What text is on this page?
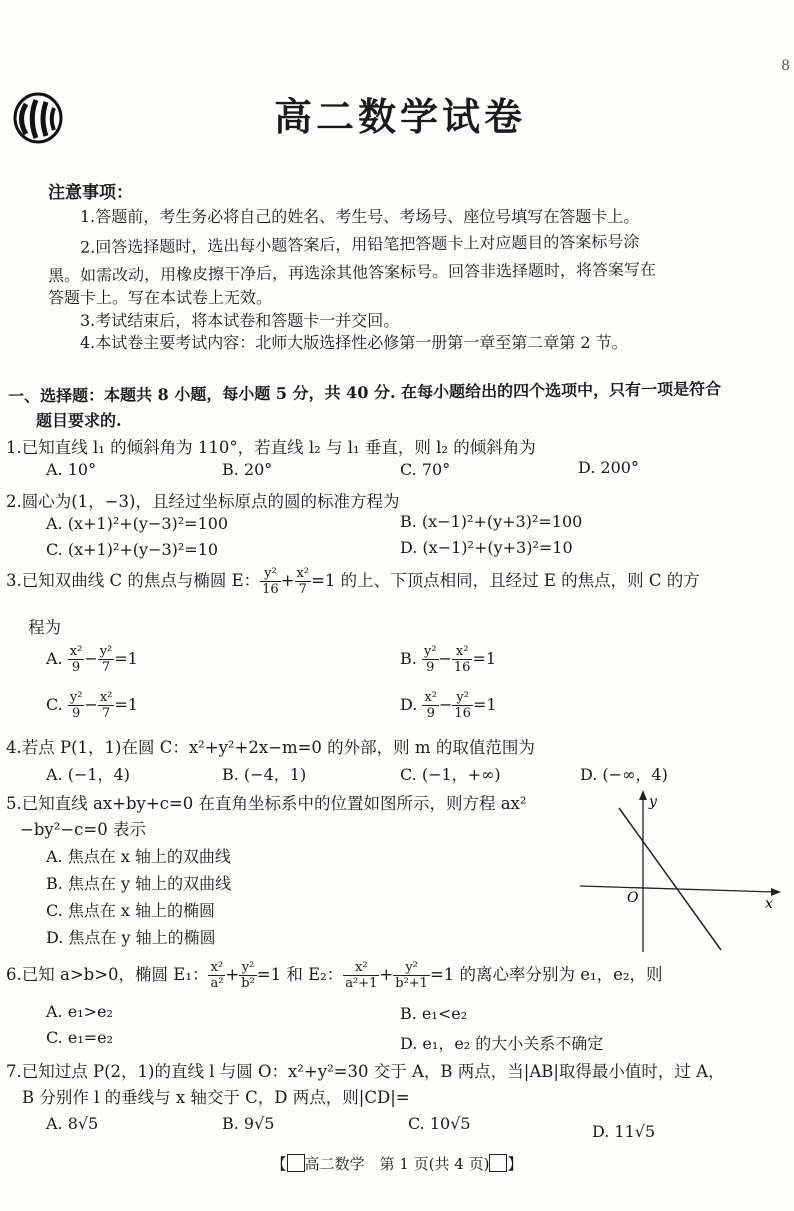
8
高二数学试卷
注意事项：
1.答题前，考生务必将自己的姓名、考生号、考场号、座位号填写在答题卡上。
2.回答选择题时，选出每小题答案后，用铅笔把答题卡上对应题目的答案标号涂
黑。如需改动，用橡皮擦干净后，再选涂其他答案标号。回答非选择题时，将答案写在
答题卡上。写在本试卷上无效。
3.考试结束后，将本试卷和答题卡一并交回。
4.本试卷主要考试内容：北师大版选择性必修第一册第一章至第二章第 2 节。
一、选择题：本题共 8 小题，每小题 5 分，共 40 分. 在每小题给出的四个选项中，只有一项是符合
题目要求的.
1.已知直线 l₁ 的倾斜角为 110°，若直线 l₂ 与 l₁ 垂直，则 l₂ 的倾斜角为
A. 10°	B. 20°	C. 70°	D. 200°
2.圆心为(1，−3)，且经过坐标原点的圆的标准方程为
A. (x+1)²+(y−3)²=100	B. (x−1)²+(y+3)²=100
C. (x+1)²+(y−3)²=10	D. (x−1)²+(y+3)²=10
3.已知双曲线 C 的焦点与椭圆 E： $\frac{\text{y²}}{16} + \frac{\text{x²}}{7} =1$ 的上、下顶点相同，且经过 E 的焦点，则 C 的方
程为
A. $\frac{\text{x²}}{9} - \frac{\text{y²}}{7} =1$	B. $\frac{\text{y²}}{9} - \frac{\text{x²}}{16} =1$
C. $\frac{\text{y²}}{9} - \frac{\text{x²}}{7} =1$	D. $\frac{\text{x²}}{9} - \frac{\text{y²}}{16} =1$
4.若点 P(1，1)在圆 C：x²+y²+2x−m=0 的外部，则 m 的取值范围为
A. (−1，4)	B. (−4，1)	C. (−1，+∞)	D. (−∞，4)
5.已知直线 ax+by+c=0 在直角坐标系中的位置如图所示，则方程 ax²
−by²−c=0 表示
A. 焦点在 x 轴上的双曲线
B. 焦点在 y 轴上的双曲线
C. 焦点在 x 轴上的椭圆
D. 焦点在 y 轴上的椭圆
y
x
O
6.已知 a>b>0，椭圆 E₁： $\frac{\text{x²}}{\text{a²}} + \frac{\text{y²}}{\text{b²}} =1$ 和 E₂： $\frac{\text{x²}}{\text{a²+1}} + \frac{\text{y²}}{\text{b²+1}} =1$ 的离心率分别为 e₁，e₂，则
A. e₁>e₂	B. e₁<e₂
C. e₁=e₂	D. e₁，e₂ 的大小关系不确定
7.已知过点 P(2，1)的直线 l 与圆 O：x²+y²=30 交于 A，B 两点，当|AB|取得最小值时，过 A，
B 分别作 l 的垂线与 x 轴交于 C，D 两点，则|CD|=
A. 8√5	B. 9√5	C. 10√5	D. 11√5
【 高二数学　第 1 页(共 4 页) 】
